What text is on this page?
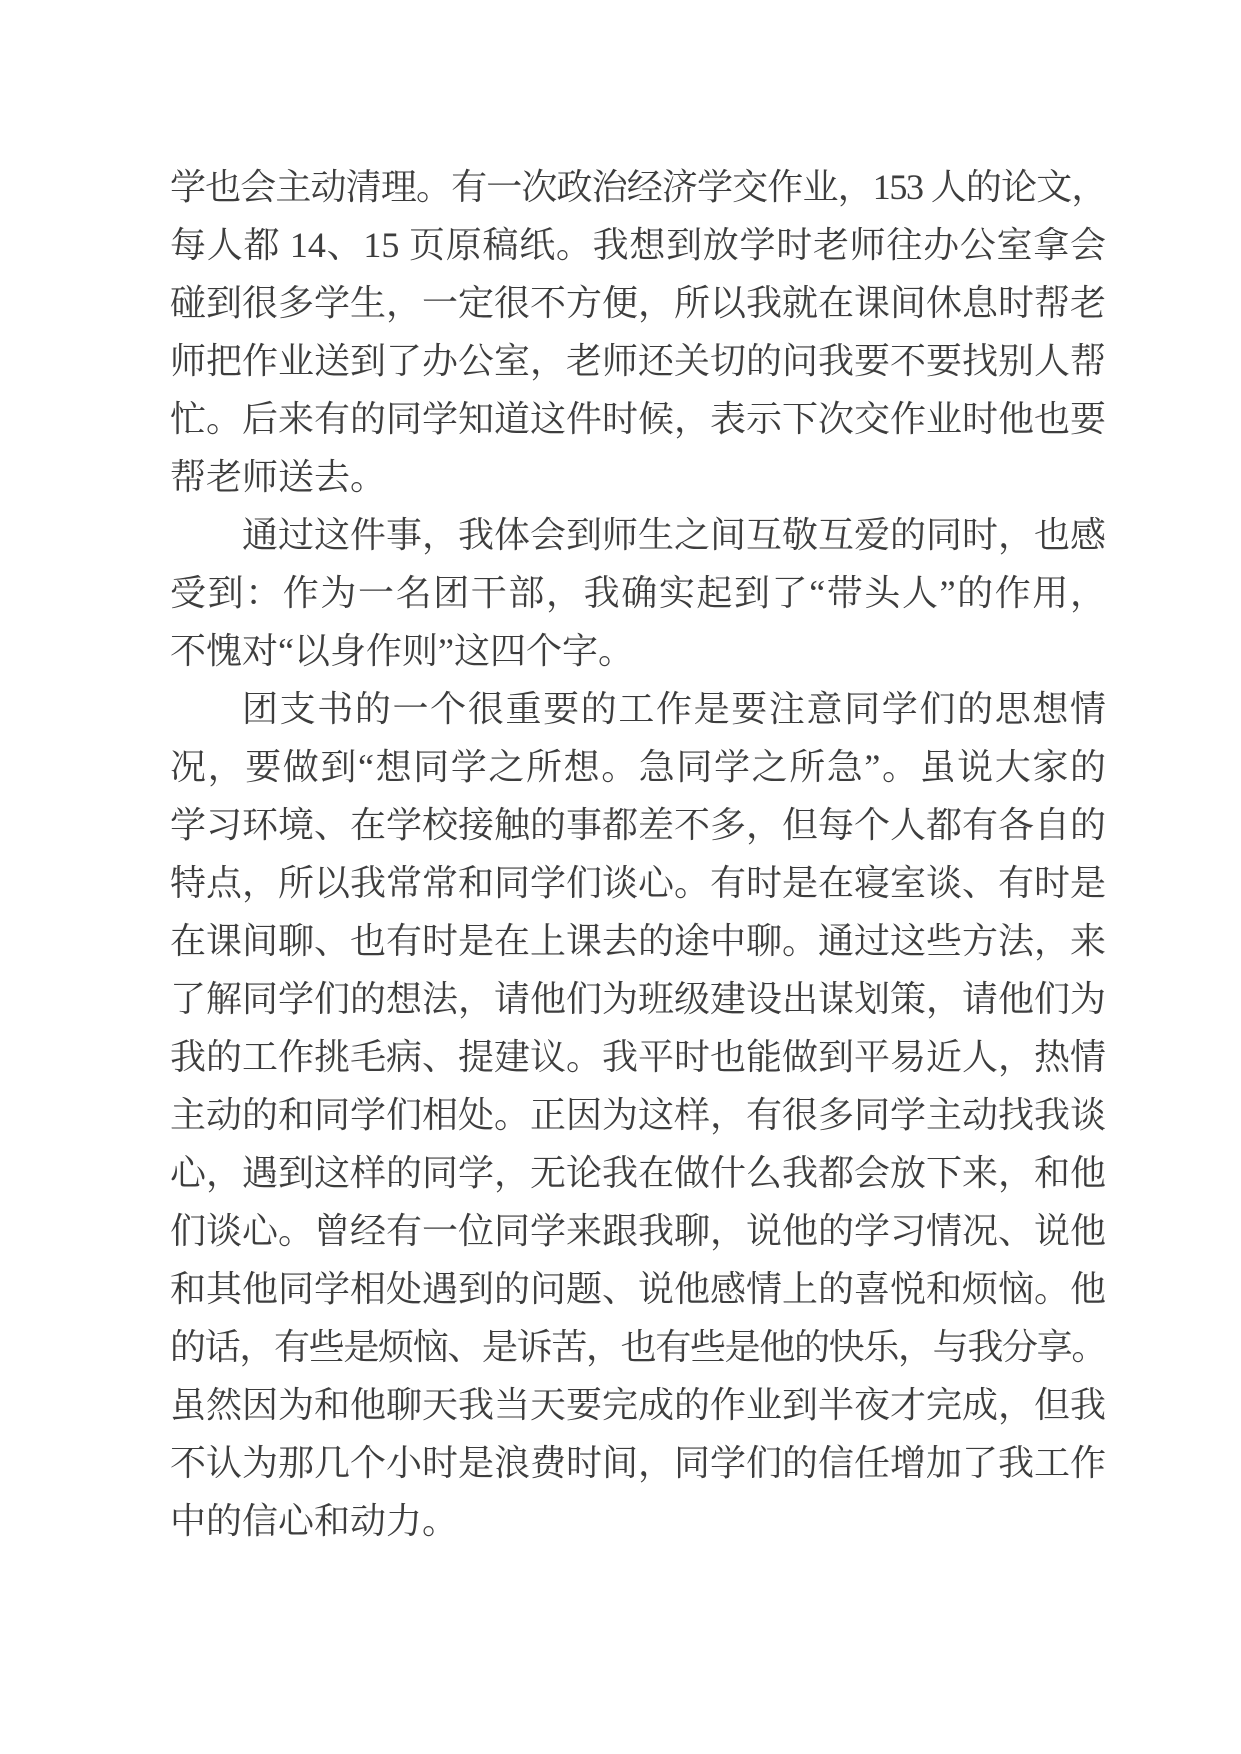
学也会主动清理。有一次政治经济学交作业，153 人的论文，
每人都 14、15 页原稿纸。我想到放学时老师往办公室拿会
碰到很多学生，一定很不方便，所以我就在课间休息时帮老
师把作业送到了办公室，老师还关切的问我要不要找别人帮
忙。后来有的同学知道这件时候，表示下次交作业时他也要
帮老师送去。
通过这件事，我体会到师生之间互敬互爱的同时，也感
受到：作为一名团干部，我确实起到了“带头人”的作用，
不愧对“以身作则”这四个字。
团支书的一个很重要的工作是要注意同学们的思想情
况，要做到“想同学之所想。急同学之所急”。虽说大家的
学习环境、在学校接触的事都差不多，但每个人都有各自的
特点，所以我常常和同学们谈心。有时是在寝室谈、有时是
在课间聊、也有时是在上课去的途中聊。通过这些方法，来
了解同学们的想法，请他们为班级建设出谋划策，请他们为
我的工作挑毛病、提建议。我平时也能做到平易近人，热情
主动的和同学们相处。正因为这样，有很多同学主动找我谈
心，遇到这样的同学，无论我在做什么我都会放下来，和他
们谈心。曾经有一位同学来跟我聊，说他的学习情况、说他
和其他同学相处遇到的问题、说他感情上的喜悦和烦恼。他
的话，有些是烦恼、是诉苦，也有些是他的快乐，与我分享。
虽然因为和他聊天我当天要完成的作业到半夜才完成，但我
不认为那几个小时是浪费时间，同学们的信任增加了我工作
中的信心和动力。
